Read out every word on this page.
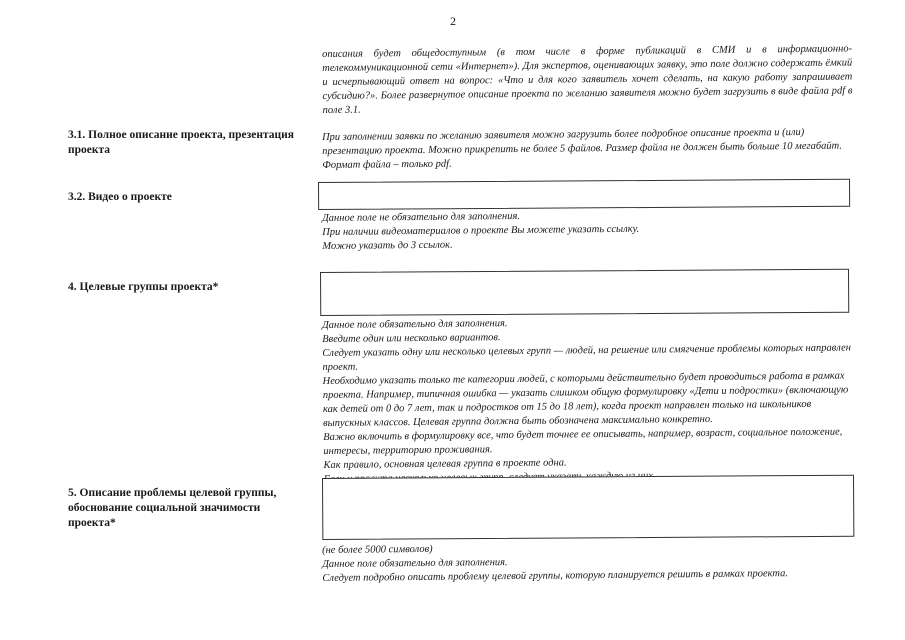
2

описания будет общедоступным (в том числе в форме публикаций в СМИ и в информационно-телекоммуникационной сети «Интернет»). Для экспертов, оценивающих заявку, это поле должно содержать ёмкий и исчерпывающий ответ на вопрос: «Что и для кого заявитель хочет сделать, на какую работу запрашивает субсидию?». Более развернутое описание проекта по желанию заявителя можно будет загрузить в виде файла pdf в поле 3.1.

3.1. Полное описание проекта, презентация проекта

При заполнении заявки по желанию заявителя можно загрузить более подробное описание проекта и (или) презентацию проекта. Можно прикрепить не более 5 файлов. Размер файла не должен быть больше 10 мегабайт. Формат файла – только pdf.

3.2. Видео о проекте

Данное поле не обязательно для заполнения.

При наличии видеоматериалов о проекте Вы можете указать ссылку.

Можно указать до 3 ссылок.

4. Целевые группы проекта*

Данное поле обязательно для заполнения.

Введите один или несколько вариантов.

Следует указать одну или несколько целевых групп — людей, на решение или смягчение проблемы которых направлен проект.

Необходимо указать только те категории людей, с которыми действительно будет проводиться работа в рамках проекта. Например, типичная ошибка — указать слишком общую формулировку «Дети и подростки» (включающую как детей от 0 до 7 лет, так и подростков от 15 до 18 лет), когда проект направлен только на школьников выпускных классов. Целевая группа должна быть обозначена максимально конкретно.

Важно включить в формулировку все, что будет точнее ее описывать, например, возраст, социальное положение, интересы, территорию проживания.

Как правило, основная целевая группа в проекте одна.

5. Описание проблемы целевой группы, обоснование социальной значимости проекта*

(не более 5000 символов)

Данное поле обязательно для заполнения.

Следует подробно описать проблему целевой группы, которую планируется решить в рамках проекта.
